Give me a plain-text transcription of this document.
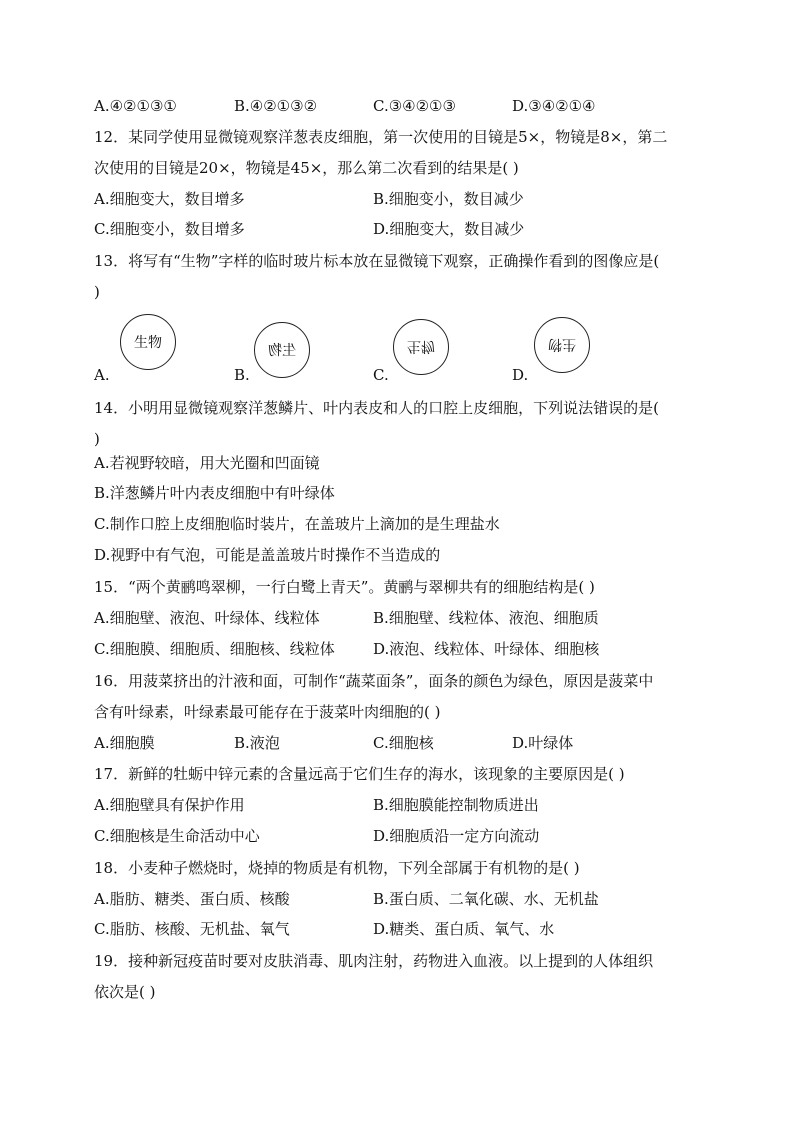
A.④②①③①	B.④②①③②	C.③④②①③	D.③④②①④
12．某同学使用显微镜观察洋葱表皮细胞，第一次使用的目镜是5×，物镜是8×，第二
次使用的目镜是20×，物镜是45×，那么第二次看到的结果是( )
A.细胞变大，数目增多	B.细胞变小，数目减少
C.细胞变小，数目增多	D.细胞变大，数目减少
13．将写有“生物”字样的临时玻片标本放在显微镜下观察，正确操作看到的图像应是(
)
生物	生物	生物	生物
A.	B.	C.	D.
14．小明用显微镜观察洋葱鳞片、叶内表皮和人的口腔上皮细胞，下列说法错误的是(
)
A.若视野较暗，用大光圈和凹面镜
B.洋葱鳞片叶内表皮细胞中有叶绿体
C.制作口腔上皮细胞临时装片，在盖玻片上滴加的是生理盐水
D.视野中有气泡，可能是盖盖玻片时操作不当造成的
15．“两个黄鹂鸣翠柳，一行白鹭上青天”。黄鹂与翠柳共有的细胞结构是( )
A.细胞壁、液泡、叶绿体、线粒体	B.细胞壁、线粒体、液泡、细胞质
C.细胞膜、细胞质、细胞核、线粒体	D.液泡、线粒体、叶绿体、细胞核
16．用菠菜挤出的汁液和面，可制作“蔬菜面条”，面条的颜色为绿色，原因是菠菜中
含有叶绿素，叶绿素最可能存在于菠菜叶肉细胞的( )
A.细胞膜	B.液泡	C.细胞核	D.叶绿体
17．新鲜的牡蛎中锌元素的含量远高于它们生存的海水，该现象的主要原因是( )
A.细胞壁具有保护作用	B.细胞膜能控制物质进出
C.细胞核是生命活动中心	D.细胞质沿一定方向流动
18．小麦种子燃烧时，烧掉的物质是有机物，下列全部属于有机物的是( )
A.脂肪、糖类、蛋白质、核酸	B.蛋白质、二氧化碳、水、无机盐
C.脂肪、核酸、无机盐、氧气	D.糖类、蛋白质、氧气、水
19．接种新冠疫苗时要对皮肤消毒、肌肉注射，药物进入血液。以上提到的人体组织
依次是( )
